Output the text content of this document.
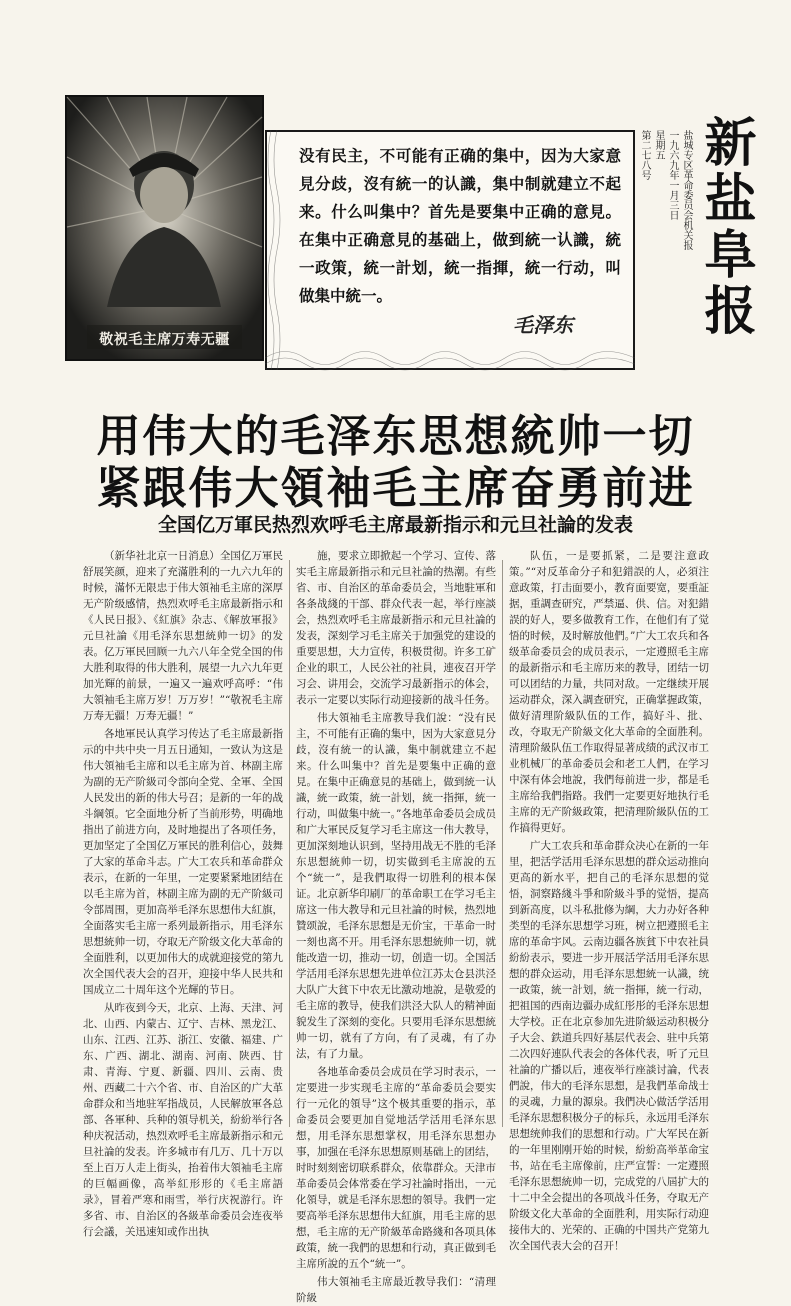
敬祝毛主席万寿无疆

没有民主，不可能有正确的集中，因为大家意見分歧，沒有統一的认識，集中制就建立不起来。什么叫集中？首先是要集中正确的意見。在集中正确意見的基础上，做到統一认識，統一政策，統一計划，統一指揮，統一行动，叫做集中統一。

毛泽东
盐城专区革命委员会机关报
一九六九年一月三日
星期五
第二七八号 新盐阜报
用伟大的毛泽东思想統帅一切
紧跟伟大領袖毛主席奋勇前进
全国亿万軍民热烈欢呼毛主席最新指示和元旦社論的发表

（新华社北京一日消息）全国亿万軍民舒展笑颜，迎来了充滿胜利的一九六九年的时候，滿怀无限忠于伟大領袖毛主席的深厚无产阶级感情，热烈欢呼毛主席最新指示和《人民日报》、《紅旗》杂志、《解放軍报》元旦社論《用毛泽东思想統帅一切》的发表。亿万軍民回顾一九六八年全党全国的伟大胜利取得的伟大胜利，展望一九六九年更加光輝的前景，一遍又一遍欢呼高呼：“伟大領袖毛主席万岁！万万岁！”“敬祝毛主席万寿无疆！万寿无疆！”

各地軍民认真学习传达了毛主席最新指示的中共中央一月五日通知，一致认为这是伟大領袖毛主席和以毛主席为首、林副主席为副的无产阶級司令部向全党、全軍、全国人民发出的新的伟大号召；是新的一年的战斗綱領。它全面地分析了当前形势，明确地指出了前进方向，及时地提出了各项任务，更加坚定了全国亿万軍民的胜利信心，鼓舞了大家的革命斗志。广大工农兵和革命群众表示，在新的一年里，一定要紧紧地团结在以毛主席为首，林副主席为副的无产阶級司令部周围，更加高举毛泽东思想伟大紅旗，全面落实毛主席一系列最新指示，用毛泽东思想統帅一切，夺取无产阶级文化大革命的全面胜利，以更加伟大的成就迎接党的第九次全国代表大会的召开，迎接中华人民共和国成立二十周年这个光輝的节日。

从昨夜到今天，北京、上海、天津、河北、山西、内蒙古、辽宁、吉林、黑龙江、山东、江西、江苏、浙江、安徽、福建、广东、广西、湖北、湖南、河南、陕西、甘肃、青海、宁夏、新疆、四川、云南、贵州、西藏二十六个省、市、自治区的广大革命群众和当地驻军指战员，人民解放軍各总部、各軍种、兵种的領导机关，紛紛举行各种庆祝活动，热烈欢呼毛主席最新指示和元旦社論的发表。许多城市有几万、几十万以至上百万人走上街头，抬着伟大領袖毛主席的巨幅画像，高举紅形形的《毛主席語录》，冒着严寒和雨雪，举行庆祝游行。许多省、市、自治区的各級革命委员会连夜举行会議，关迅速知或作出执

施，要求立即掀起一个学习、宣传、落实毛主席最新指示和元旦社論的热潮。有些省、市、自治区的革命委员会，当地駐軍和各条战綫的干部、群众代表一起，举行座談会，热烈欢呼毛主席最新指示和元旦社論的发表，深刻学习毛主席关于加强党的建设的重要思想，大力宣传，积极贯彻。许多工矿企业的职工，人民公社的社員，連夜召开学习会、讲用会，交流学习最新指示的体会，表示一定要以实际行动迎接新的战斗任务。

伟大領袖毛主席教导我们說：“没有民主，不可能有正确的集中，因为大家意見分歧，沒有統一的认識，集中制就建立不起来。什么叫集中？首先是要集中正确的意見。在集中正确意見的基础上，做到統一认識，統一政策，統一計划，統一指揮，統一行动，叫做集中統一。”各地革命委员会成员和广大軍民反复学习毛主席这一伟大教导，更加深刻地认识到，坚持用战无不胜的毛泽东思想統帅一切，切实做到毛主席說的五个“統一”，是我們取得一切胜利的根本保证。北京新华印刷厂的革命职工在学习毛主席这一伟大教导和元旦社論的时候，热烈地贊颂說，毛泽东思想是无价宝，干革命一时一刻也离不开。用毛泽东思想統帅一切，就能改造一切，推动一切，创造一切。全国活学活用毛泽东思想先进单位江苏太仓县洪泾大队广大貧下中农无比激动地說，是敬爱的毛主席的教导，使我们洪泾大队人的精神面貌发生了深刻的变化。只要用毛泽东思想統帅一切，就有了方向，有了灵魂，有了办法，有了力量。

各地革命委员会成员在学习时表示，一定要进一步实现毛主席的“革命委员会要实行一元化的領导”这个极其重要的指示，革命委员会要更加自觉地活学活用毛泽东思想，用毛泽东思想掌权，用毛泽东思想办事，加强在毛泽东思想原则基础上的团结，时时刻刻密切联系群众，依靠群众。天津市革命委员会体常委在学习社論时指出，一元化領导，就是毛泽东思想的領导。我們一定要高举毛泽东思想伟大紅旗，用毛主席的思想，毛主席的无产阶級革命路綫和各项具体政策，統一我們的思想和行动，真正做到毛主席所說的五个“統一”。

伟大領袖毛主席最近教导我们：“清理阶級

队伍，一是要抓紧，二是要注意政策。”“对反革命分子和犯錯誤的人，必須注意政策，打击面要小，教育面要宽，要重証据，重調查研究，严禁逼、供、信。对犯錯誤的好人，要多做教育工作，在他们有了觉悟的时候，及时解放他們。”广大工农兵和各级革命委员会的成员表示，一定遵照毛主席的最新指示和毛主席历来的教导，团结一切可以团结的力量，共同对敌。一定继续开展运动群众，深入調查研究，正确掌握政策，做好清理阶級队伍的工作，搞好斗、批、改，夺取无产阶級文化大革命的全面胜利。清理阶級队伍工作取得显著成绩的武汉市工业机械厂的革命委员会和老工人們，在学习中深有体会地說，我們每前进一步，都是毛主席给我們指路。我們一定要更好地执行毛主席的无产阶級政策，把清理阶級队伍的工作搞得更好。

广大工农兵和革命群众决心在新的一年里，把活学活用毛泽东思想的群众运动推向更高的新水平，把自己的毛泽东思想的觉悟，洞察路綫斗爭和阶級斗爭的觉悟，提高到新高度，以斗私批修为綱，大力办好各种类型的毛泽东思想学习班，树立把遵照毛主席的革命宇风。云南边疆各族貧下中农社員紛紛表示，要进一步开展活学活用毛泽东思想的群众运动，用毛泽东思想統一认識，统一政策，統一計划，統一指揮，統一行动，把祖国的西南边疆办成紅彤彤的毛泽东思想大学校。正在北京参加先进阶級运动积极分子大会、鉄道兵四好基层代表会、驻中兵第二次四好連队代表会的各体代表，听了元旦社論的广播以后，連夜举行座談讨論，代表們說，伟大的毛泽东思想，是我們革命战士的灵魂，力量的源泉。我們决心做活学活用毛泽东思想积极分子的标兵，永远用毛泽东思想统帅我们的思想和行动。广大军民在新的一年里刚刚开始的时候，紛紛高举革命宝书，站在毛主席像前，庄严宣誓：一定遵照毛泽东思想統帅一切，完成党的八屆扩大的十二中全会提出的各项战斗任务，夺取无产阶级文化大革命的全面胜利，用实际行动迎接伟大的、光荣的、正确的中国共产党第九次全国代表大会的召开！
